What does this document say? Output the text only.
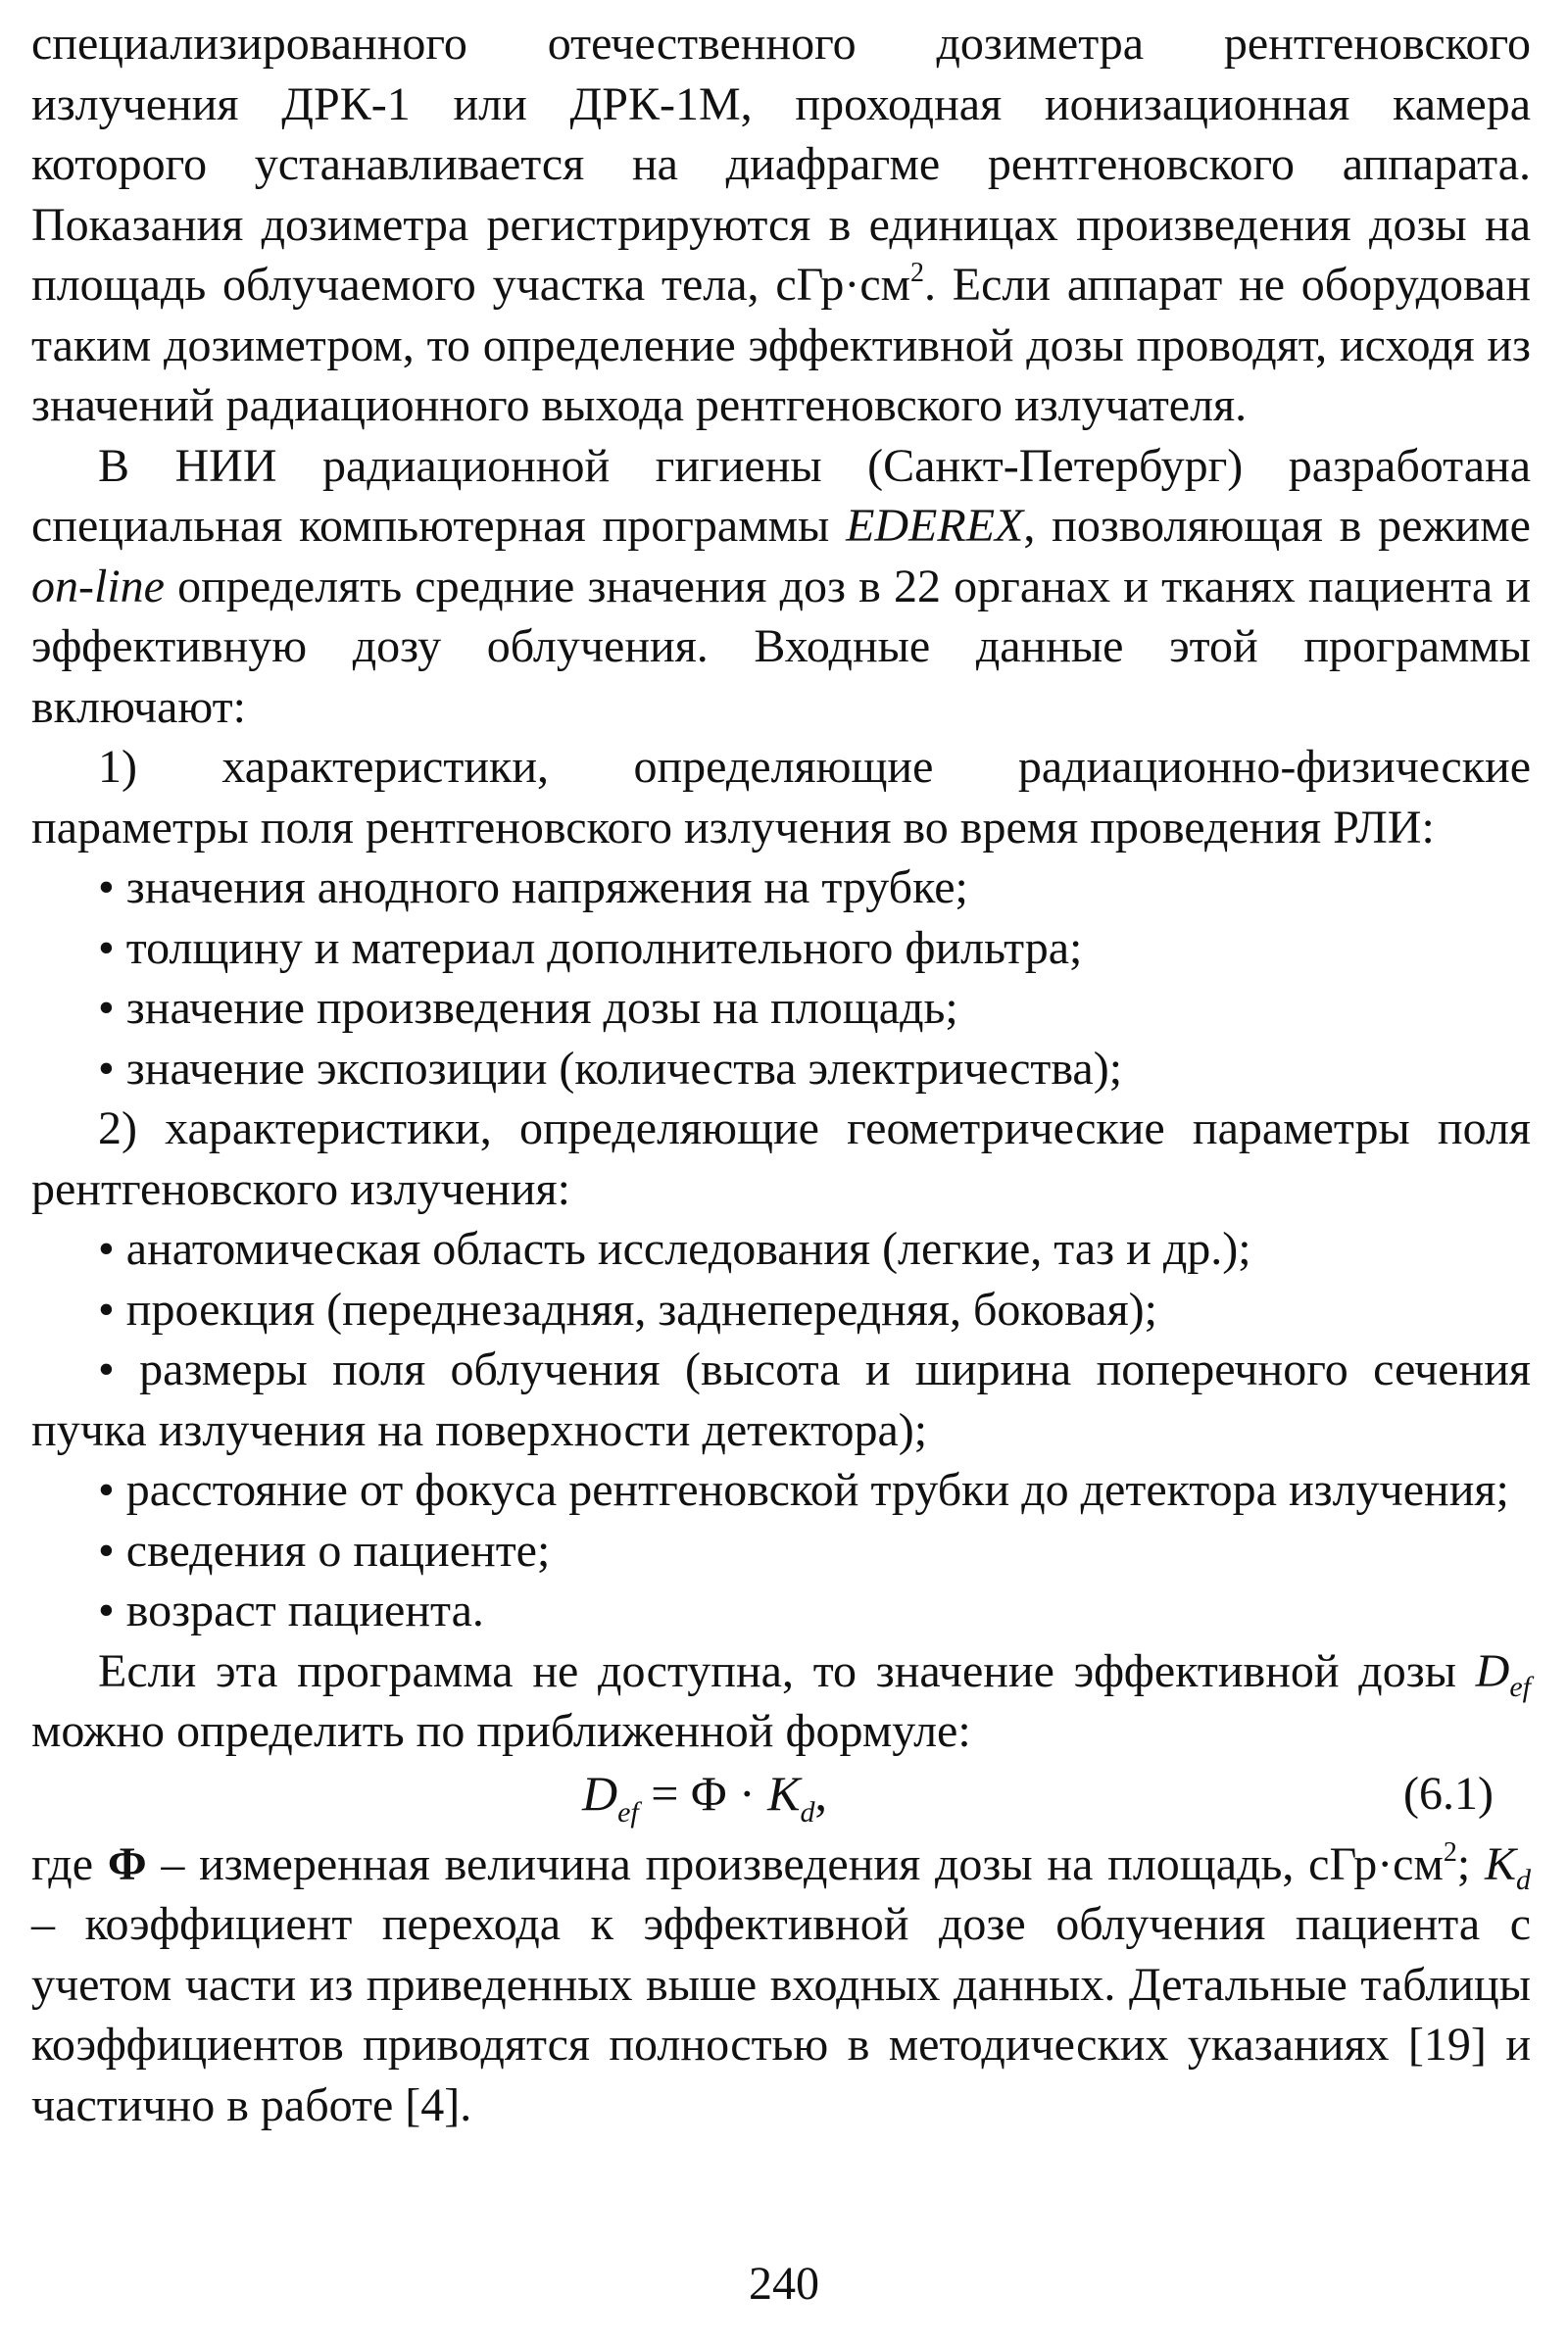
специализированного отечественного дозиметра рентгеновского излучения ДРК-1 или ДРК-1М, проходная ионизационная камера которого устанавливается на диафрагме рентгеновского аппарата. Показания дозиметра регистрируются в единицах произведения дозы на площадь облучаемого участка тела, $сГр\cdot см^2$. Если аппарат не оборудован таким дозиметром, то определение эффективной дозы проводят, исходя из значений радиационного выхода рентгеновского излучателя.

В НИИ радиационной гигиены (Санкт-Петербург) разработана специальная компьютерная программы EDEREX, позволяющая в режиме on-line определять средние значения доз в 22 органах и тканях пациента и эффективную дозу облучения. Входные данные этой программы включают:

1) характеристики, определяющие радиационно-физические параметры поля рентгеновского излучения во время проведения РЛИ:

• значения анодного напряжения на трубке;

• толщину и материал дополнительного фильтра;

• значение произведения дозы на площадь;

• значение экспозиции (количества электричества);

2) характеристики, определяющие геометрические параметры поля рентгеновского излучения:

• анатомическая область исследования (легкие, таз и др.);

• проекция (переднезадняя, заднепередняя, боковая);

• размеры поля облучения (высота и ширина поперечного сечения пучка излучения на поверхности детектора);

• расстояние от фокуса рентгеновской трубки до детектора излучения;

• сведения о пациенте;

• возраст пациента.

Если эта программа не доступна, то значение эффективной дозы $D_{ef}$ можно определить по приближенной формуле:

$D_{ef} = \Phi \cdot K_d$,	(6.1)

где Φ – измеренная величина произведения дозы на площадь, $сГр\cdot см^2$; $K_d$ – коэффициент перехода к эффективной дозе облучения пациента с учетом части из приведенных выше входных данных. Детальные таблицы коэффициентов приводятся полностью в методических указаниях [19] и частично в работе [4].

240
